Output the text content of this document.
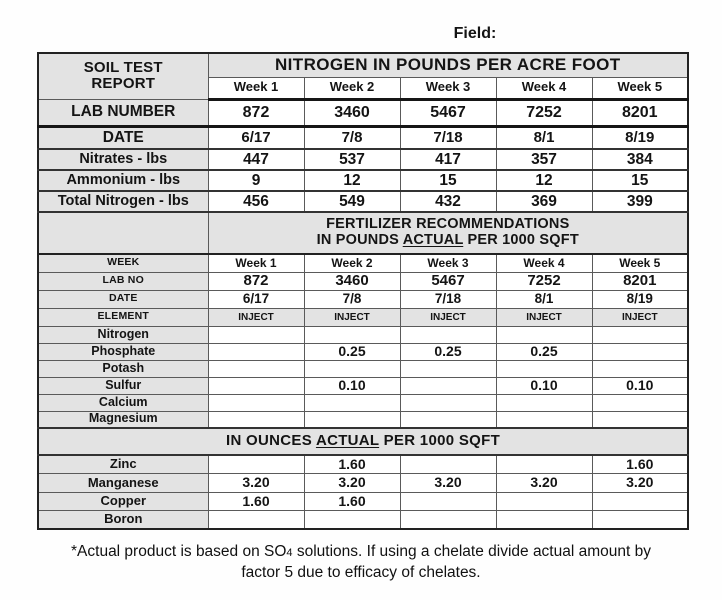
Field:
SOIL TEST
REPORT	NITROGEN IN POUNDS PER ACRE FOOT				
	Week 1	Week 2	Week 3	Week 4	Week 5
LAB NUMBER	872	3460	5467	7252	8201
DATE	6/17	7/8	7/18	8/1	8/19
Nitrates - lbs	447	537	417	357	384
Ammonium - lbs	9	12	15	12	15
Total Nitrogen - lbs	456	549	432	369	399

	FERTILIZER RECOMMENDATIONS
IN POUNDS ACTUAL PER 1000 SQFT				

WEEK	Week 1	Week 2	Week 3	Week 4	Week 5
LAB NO	872	3460	5467	7252	8201
DATE	6/17	7/8	7/18	8/1	8/19
ELEMENT	INJECT	INJECT	INJECT	INJECT	INJECT
Nitrogen					
Phosphate		0.25	0.25	0.25	
Potash					
Sulfur		0.10		0.10	0.10
Calcium					
Magnesium					
IN OUNCES ACTUAL PER 1000 SQFT					
Zinc		1.60			1.60
Manganese	3.20	3.20	3.20	3.20	3.20
Copper	1.60	1.60			
Boron					
*Actual product is based on SO4 solutions. If using a chelate divide actual amount by
factor 5 due to efficacy of chelates.
